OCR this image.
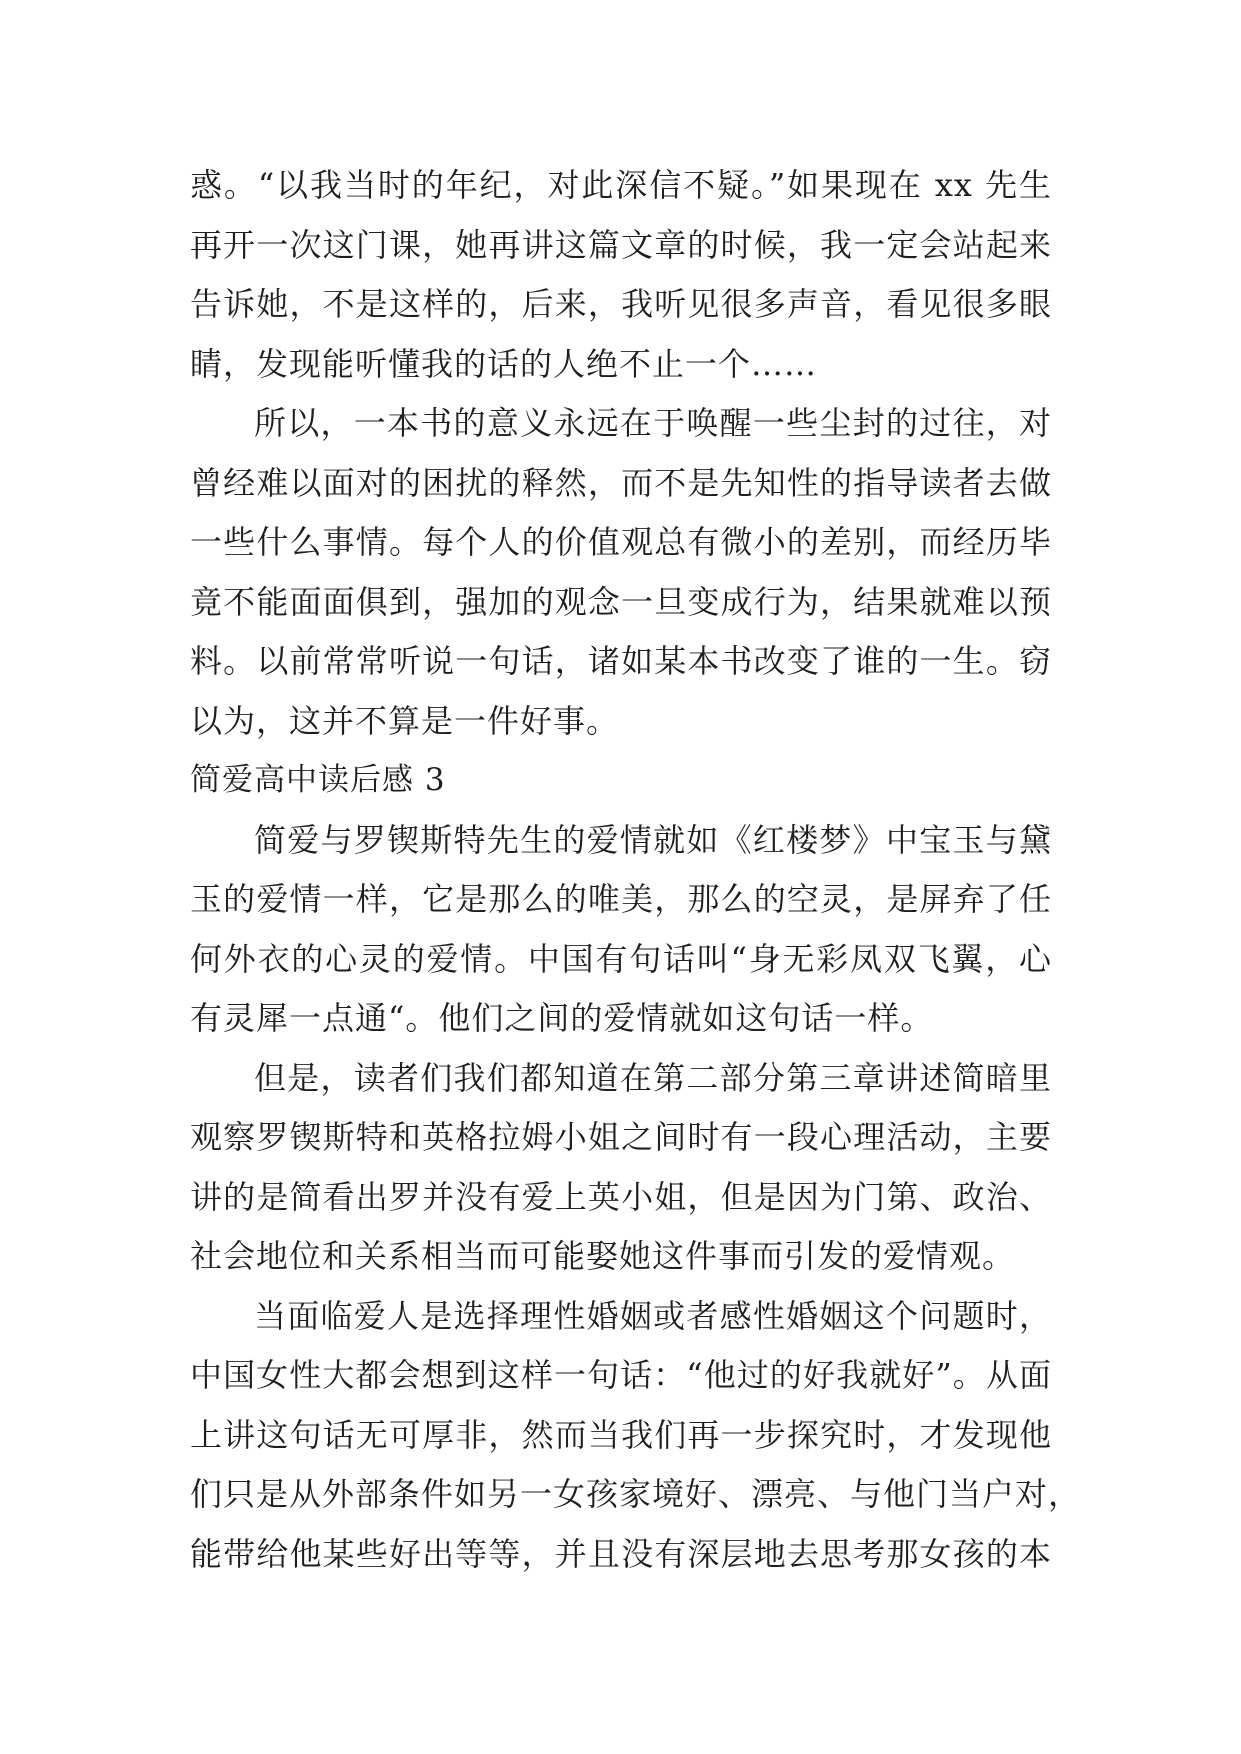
惑。“以我当时的年纪，对此深信不疑。”如果现在 xx 先生
再开一次这门课，她再讲这篇文章的时候，我一定会站起来
告诉她，不是这样的，后来，我听见很多声音，看见很多眼
睛，发现能听懂我的话的人绝不止一个……
所以，一本书的意义永远在于唤醒一些尘封的过往，对
曾经难以面对的困扰的释然，而不是先知性的指导读者去做
一些什么事情。每个人的价值观总有微小的差别，而经历毕
竟不能面面俱到，强加的观念一旦变成行为，结果就难以预
料。以前常常听说一句话，诸如某本书改变了谁的一生。窃
以为，这并不算是一件好事。
简爱高中读后感 3
简爱与罗锲斯特先生的爱情就如《红楼梦》中宝玉与黛
玉的爱情一样，它是那么的唯美，那么的空灵，是屏弃了任
何外衣的心灵的爱情。中国有句话叫“身无彩凤双飞翼，心
有灵犀一点通“。他们之间的爱情就如这句话一样。
但是，读者们我们都知道在第二部分第三章讲述简暗里
观察罗锲斯特和英格拉姆小姐之间时有一段心理活动，主要
讲的是简看出罗并没有爱上英小姐，但是因为门第、政治、
社会地位和关系相当而可能娶她这件事而引发的爱情观。
当面临爱人是选择理性婚姻或者感性婚姻这个问题时，
中国女性大都会想到这样一句话：“他过的好我就好”。从面
上讲这句话无可厚非，然而当我们再一步探究时，才发现他
们只是从外部条件如另一女孩家境好、漂亮、与他门当户对，
能带给他某些好出等等，并且没有深层地去思考那女孩的本
